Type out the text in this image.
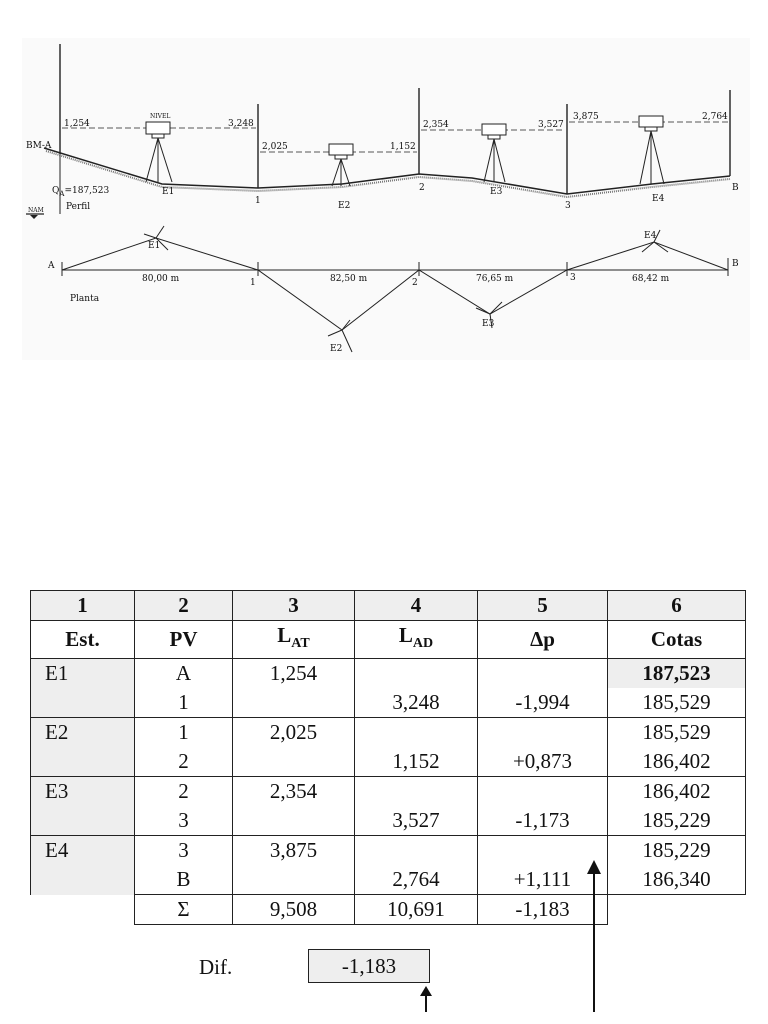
NIVEL
BM-A
$Q_A=187,523$
Perfil
NAM
1,254	3,248
2,025	1,152
2,354	3,527
3,875	2,764
E1
E2
E3
E4
1
2
3
B
A
1	2	3
B
80,00 m	82,50 m	76,65 m	68,42 m
E1
E2
E3
E4
Planta
1	2	3	4	5	6
Est.	PV	$L_{AT}$	$L_{AD}$	Δp	Cotas
E1	A	1,254			187,523
	1		3,248	-1,994	185,529
E2	1	2,025			185,529
	2		1,152	+0,873	186,402
E3	2	2,354			186,402
	3		3,527	-1,173	185,229
E4	3	3,875			185,229
	B		2,764	+1,111	186,340
	Σ	9,508	10,691	-1,183	
Dif.	-1,183
